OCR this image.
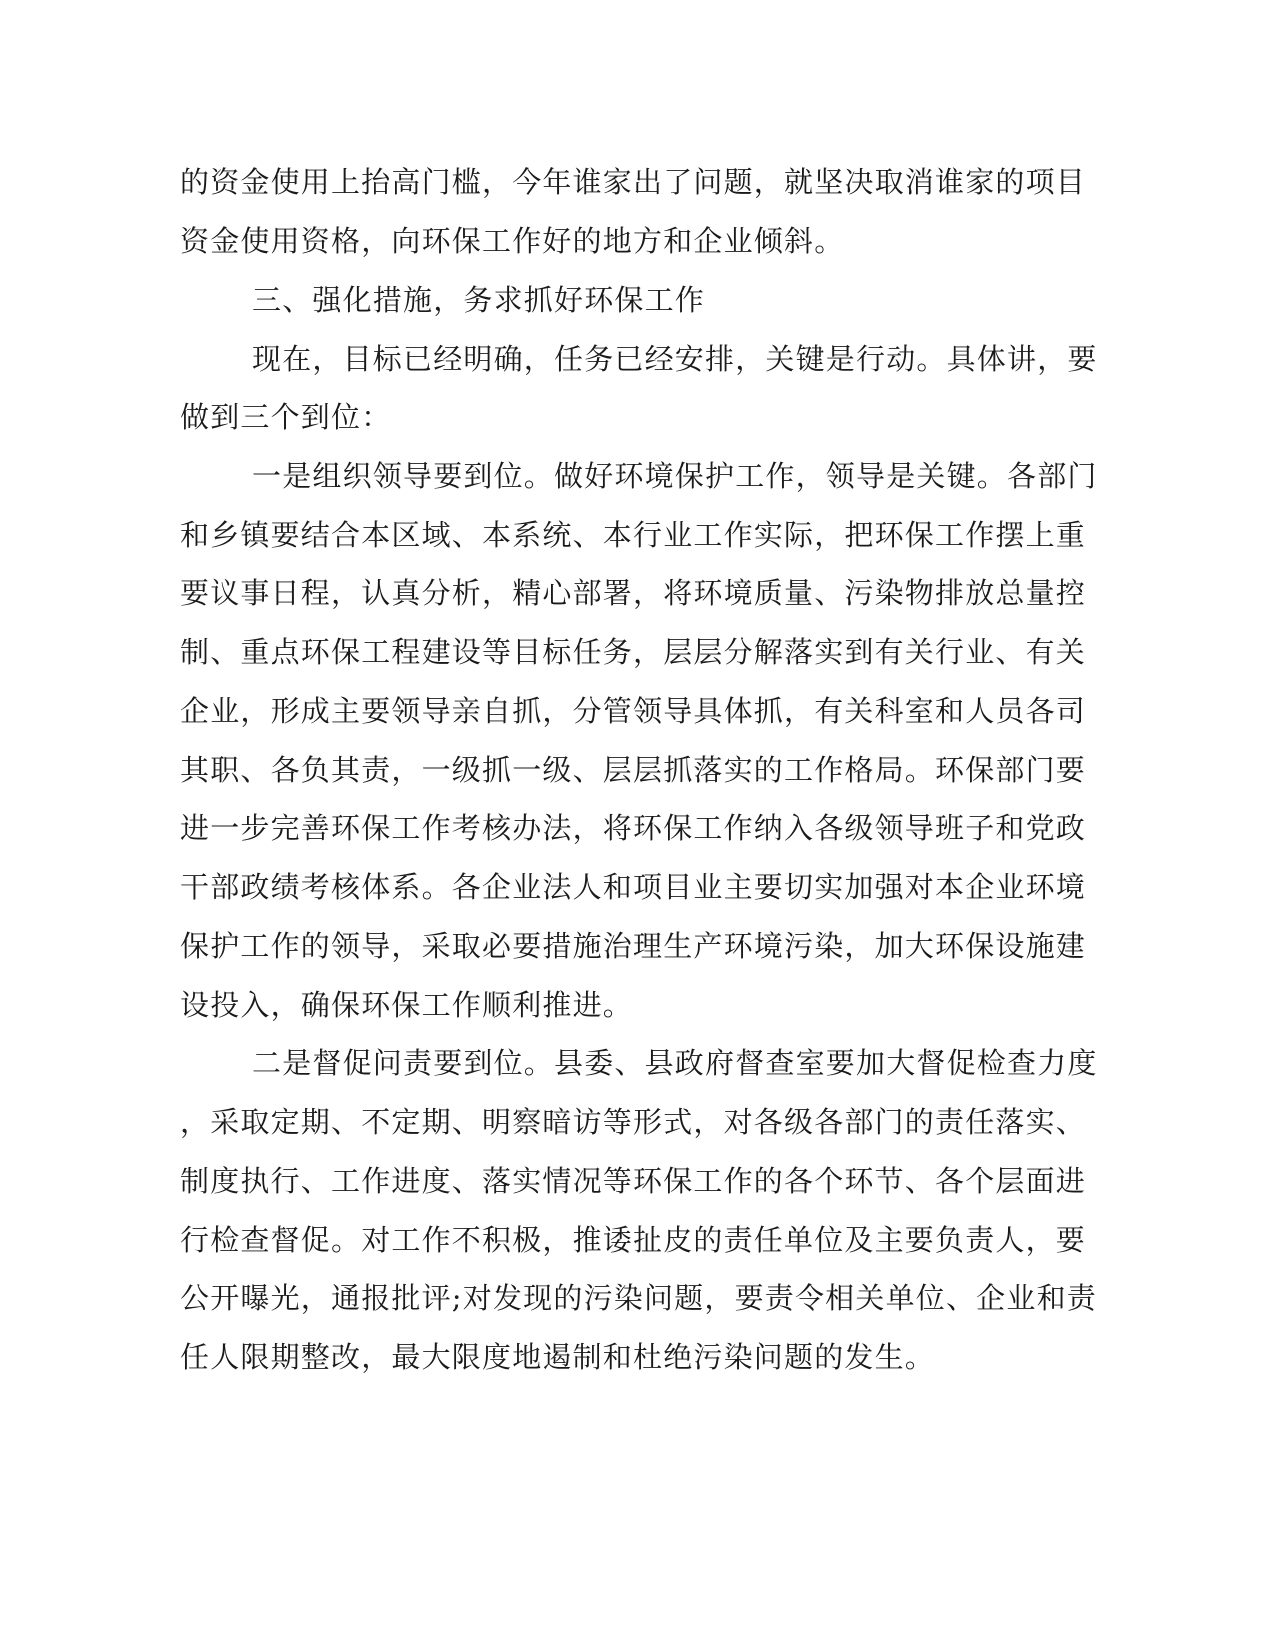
的资金使用上抬高门槛，今年谁家出了问题，就坚决取消谁家的项目
资金使用资格，向环保工作好的地方和企业倾斜。
三、强化措施，务求抓好环保工作
现在，目标已经明确，任务已经安排，关键是行动。具体讲，要
做到三个到位：
一是组织领导要到位。做好环境保护工作，领导是关键。各部门
和乡镇要结合本区域、本系统、本行业工作实际，把环保工作摆上重
要议事日程，认真分析，精心部署，将环境质量、污染物排放总量控
制、重点环保工程建设等目标任务，层层分解落实到有关行业、有关
企业，形成主要领导亲自抓，分管领导具体抓，有关科室和人员各司
其职、各负其责，一级抓一级、层层抓落实的工作格局。环保部门要
进一步完善环保工作考核办法，将环保工作纳入各级领导班子和党政
干部政绩考核体系。各企业法人和项目业主要切实加强对本企业环境
保护工作的领导，采取必要措施治理生产环境污染，加大环保设施建
设投入，确保环保工作顺利推进。
二是督促问责要到位。县委、县政府督查室要加大督促检查力度
，采取定期、不定期、明察暗访等形式，对各级各部门的责任落实、
制度执行、工作进度、落实情况等环保工作的各个环节、各个层面进
行检查督促。对工作不积极，推诿扯皮的责任单位及主要负责人，要
公开曝光，通报批评;对发现的污染问题，要责令相关单位、企业和责
任人限期整改，最大限度地遏制和杜绝污染问题的发生。
